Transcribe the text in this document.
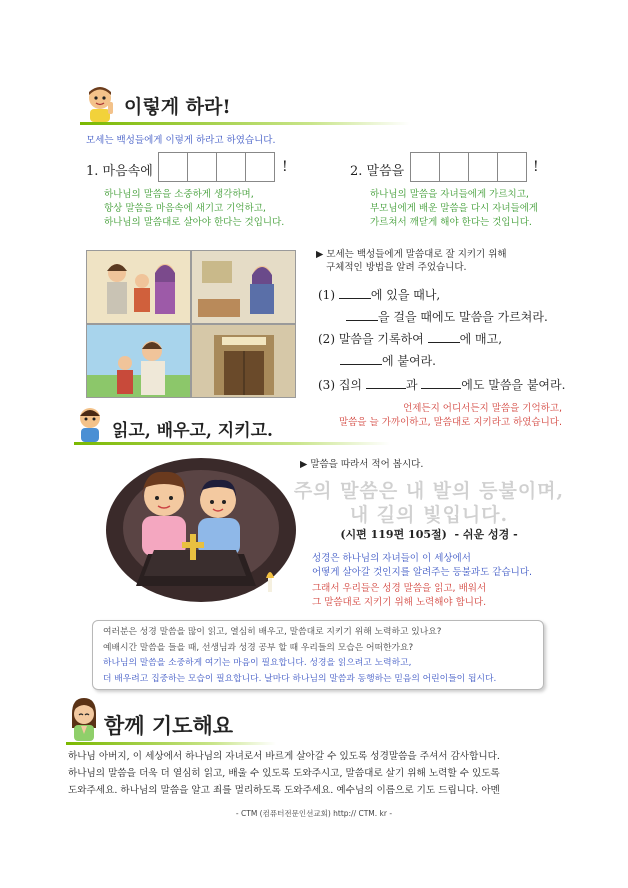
이렇게 하라!
모세는 백성들에게 이렇게 하라고 하였습니다.
1. 마음속에	!
하나님의 말씀을 소중하게 생각하며,
항상 말씀을 마음속에 새기고 기억하고,
하나님의 말씀대로 살아야 한다는 것입니다.
2. 말씀을	!
하나님의 말씀을 자녀들에게 가르치고,
부모님에게 배운 말씀을 다시 자녀들에게
가르쳐서 깨닫게 해야 한다는 것입니다.
▶ 모세는 백성들에게 말씀대로 잘 지키기 위해
구체적인 방법을 알려 주었습니다.
(1)	에 있을 때나,
을 걸을 때에도 말씀을 가르쳐라.
(2) 말씀을 기록하여	에 매고,
에 붙여라.
(3) 집의	과	에도 말씀을 붙여라.
언제든지 어디서든지 말씀을 기억하고,
말씀을 늘 가까이하고, 말씀대로 지키라고 하였습니다.
읽고, 배우고, 지키고.
▶ 말씀을 따라서 적어 봅시다.
주의 말씀은 내 발의 등불이며,
내 길의 빛입니다.
(시편 119편 105절) - 쉬운 성경 -
성경은 하나님의 자녀들이 이 세상에서
어떻게 살아갈 것인지를 알려주는 등불과도 같습니다.
그래서 우리들은 성경 말씀을 읽고, 배워서
그 말씀대로 지키기 위해 노력해야 합니다.
여러분은 성경 말씀을 많이 읽고, 열심히 배우고, 말씀대로 지키기 위해 노력하고 있나요?
예배시간 말씀을 들을 때, 선생님과 성경 공부 할 때 우리들의 모습은 어떠한가요?
하나님의 말씀을 소중하게 여기는 마음이 필요합니다. 성경을 읽으려고 노력하고,
더 배우려고 집중하는 모습이 필요합니다. 날마다 하나님의 말씀과 동행하는 믿음의 어린이들이 됩시다.
함께 기도해요
하나님 아버지, 이 세상에서 하나님의 자녀로서 바르게 살아갈 수 있도록 성경말씀을 주셔서 감사합니다.
하나님의 말씀을 더욱 더 열심히 읽고, 배울 수 있도록 도와주시고, 말씀대로 살기 위해 노력할 수 있도록
도와주세요. 하나님의 말씀을 알고 죄를 멀리하도록 도와주세요. 예수님의 이름으로 기도 드립니다. 아멘
- CTM (컴퓨터전문인선교회) http:// CTM. kr -
